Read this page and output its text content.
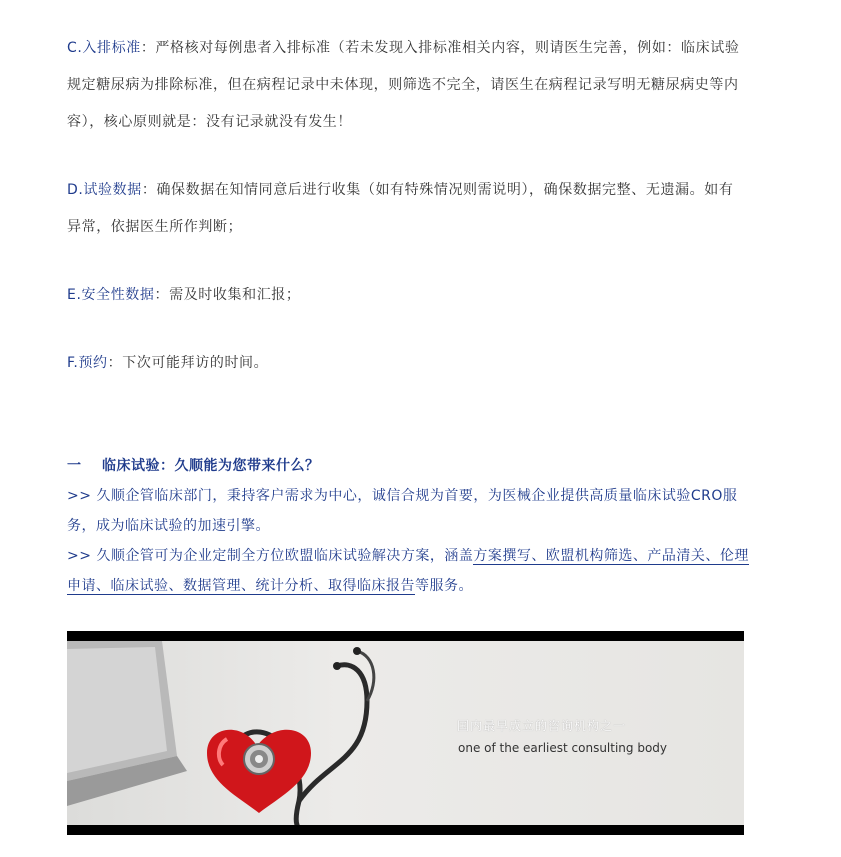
C.入排标准：严格核对每例患者入排标准（若未发现入排标准相关内容，则请医生完善，例如：临床试验规定糖尿病为排除标准，但在病程记录中未体现，则筛选不完全，请医生在病程记录写明无糖尿病史等内容），核心原则就是：没有记录就没有发生！

D.试验数据：确保数据在知情同意后进行收集（如有特殊情况则需说明），确保数据完整、无遗漏。如有异常，依据医生所作判断；

E.安全性数据：需及时收集和汇报；

F.预约：下次可能拜访的时间。

一 临床试验：久顺能为您带来什么？
>> 久顺企管临床部门，秉持客户需求为中心，诚信合规为首要，为医械企业提供高质量临床试验CRO服务，成为临床试验的加速引擎。
>> 久顺企管可为企业定制全方位欧盟临床试验解决方案，涵盖方案撰写、欧盟机构筛选、产品清关、伦理申请、临床试验、数据管理、统计分析、取得临床报告等服务。
国内最早成立的咨询机构之一
one of the earliest consulting body
